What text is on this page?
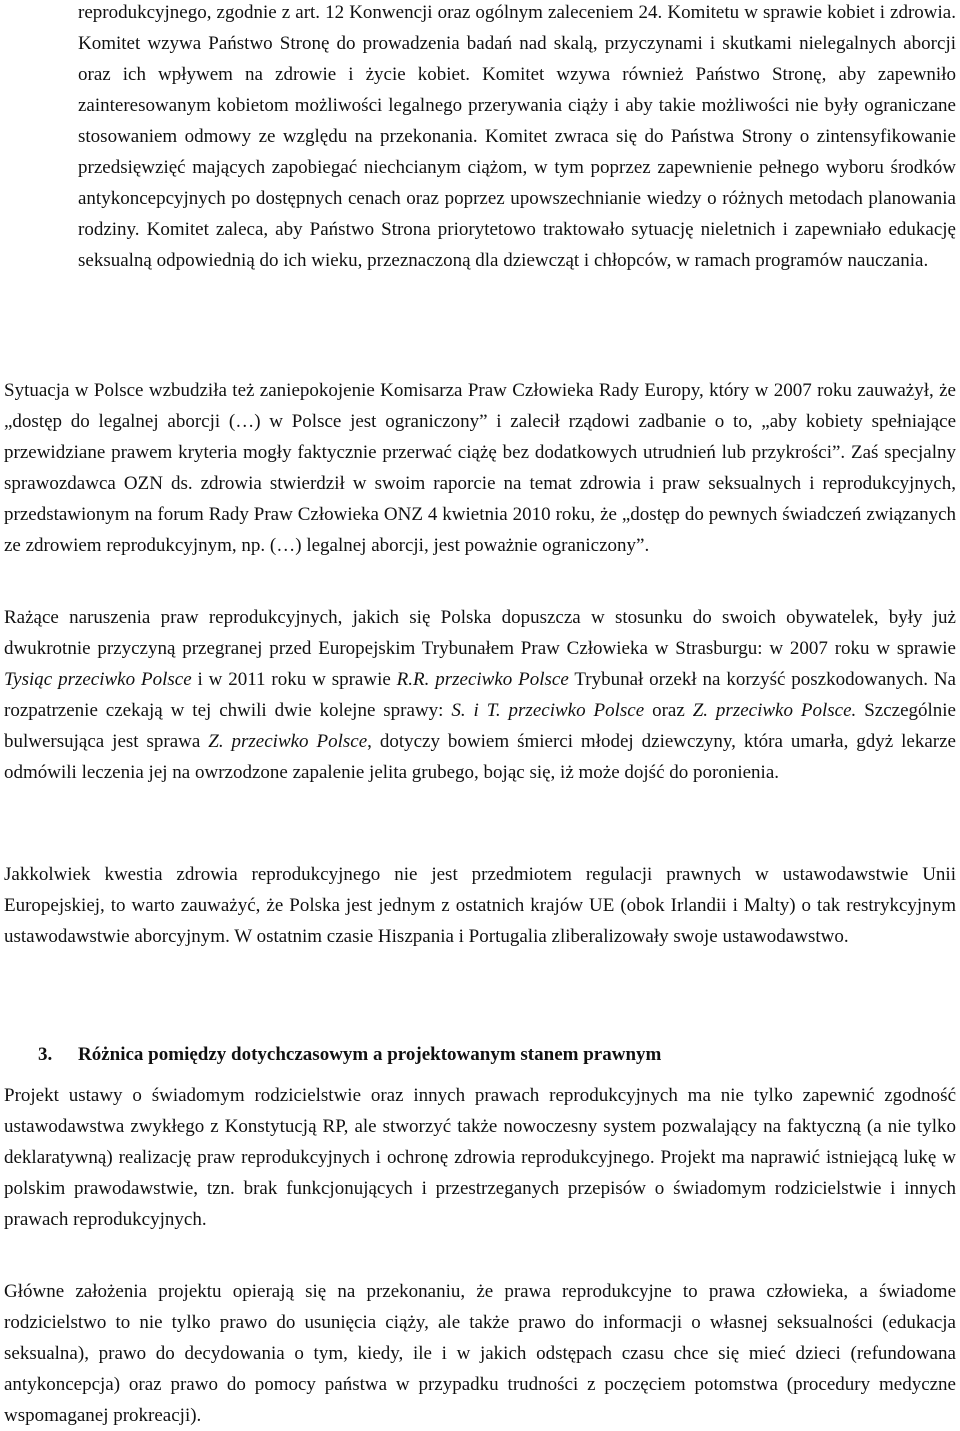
reprodukcyjnego, zgodnie z art. 12 Konwencji oraz ogólnym zaleceniem 24. Komitetu w sprawie kobiet i zdrowia. Komitet wzywa Państwo Stronę do prowadzenia badań nad skalą, przyczynami i skutkami nielegalnych aborcji oraz ich wpływem na zdrowie i życie kobiet. Komitet wzywa również Państwo Stronę, aby zapewniło zainteresowanym kobietom możliwości legalnego przerywania ciąży i aby takie możliwości nie były ograniczane stosowaniem odmowy ze względu na przekonania. Komitet zwraca się do Państwa Strony o zintensyfikowanie przedsięwzięć mających zapobiegać niechcianym ciążom, w tym poprzez zapewnienie pełnego wyboru środków antykoncepcyjnych po dostępnych cenach oraz poprzez upowszechnianie wiedzy o różnych metodach planowania rodziny. Komitet zaleca, aby Państwo Strona priorytetowo traktowało sytuację nieletnich i zapewniało edukację seksualną odpowiednią do ich wieku, przeznaczoną dla dziewcząt i chłopców, w ramach programów nauczania.

Sytuacja w Polsce wzbudziła też zaniepokojenie Komisarza Praw Człowieka Rady Europy, który w 2007 roku zauważył, że „dostęp do legalnej aborcji (…) w Polsce jest ograniczony” i zalecił rządowi zadbanie o to, „aby kobiety spełniające przewidziane prawem kryteria mogły faktycznie przerwać ciążę bez dodatkowych utrudnień lub przykrości”. Zaś specjalny sprawozdawca OZN ds. zdrowia stwierdził w swoim raporcie na temat zdrowia i praw seksualnych i reprodukcyjnych, przedstawionym na forum Rady Praw Człowieka ONZ 4 kwietnia 2010 roku, że „dostęp do pewnych świadczeń związanych ze zdrowiem reprodukcyjnym, np. (…) legalnej aborcji, jest poważnie ograniczony”.

Rażące naruszenia praw reprodukcyjnych, jakich się Polska dopuszcza w stosunku do swoich obywatelek, były już dwukrotnie przyczyną przegranej przed Europejskim Trybunałem Praw Człowieka w Strasburgu: w 2007 roku w sprawie Tysiąc przeciwko Polsce i w 2011 roku w sprawie R.R. przeciwko Polsce Trybunał orzekł na korzyść poszkodowanych. Na rozpatrzenie czekają w tej chwili dwie kolejne sprawy: S. i T. przeciwko Polsce oraz Z. przeciwko Polsce. Szczególnie bulwersująca jest sprawa Z. przeciwko Polsce, dotyczy bowiem śmierci młodej dziewczyny, która umarła, gdyż lekarze odmówili leczenia jej na owrzodzone zapalenie jelita grubego, bojąc się, iż może dojść do poronienia.

Jakkolwiek kwestia zdrowia reprodukcyjnego nie jest przedmiotem regulacji prawnych w ustawodawstwie Unii Europejskiej, to warto zauważyć, że Polska jest jednym z ostatnich krajów UE (obok Irlandii i Malty) o tak restrykcyjnym ustawodawstwie aborcyjnym. W ostatnim czasie Hiszpania i Portugalia zliberalizowały swoje ustawodawstwo.

3. Różnica pomiędzy dotychczasowym a projektowanym stanem prawnym

Projekt ustawy o świadomym rodzicielstwie oraz innych prawach reprodukcyjnych ma nie tylko zapewnić zgodność ustawodawstwa zwykłego z Konstytucją RP, ale stworzyć także nowoczesny system pozwalający na faktyczną (a nie tylko deklaratywną) realizację praw reprodukcyjnych i ochronę zdrowia reprodukcyjnego. Projekt ma naprawić istniejącą lukę w polskim prawodawstwie, tzn. brak funkcjonujących i przestrzeganych przepisów o świadomym rodzicielstwie i innych prawach reprodukcyjnych.

Główne założenia projektu opierają się na przekonaniu, że prawa reprodukcyjne to prawa człowieka, a świadome rodzicielstwo to nie tylko prawo do usunięcia ciąży, ale także prawo do informacji o własnej seksualności (edukacja seksualna), prawo do decydowania o tym, kiedy, ile i w jakich odstępach czasu chce się mieć dzieci (refundowana antykoncepcja) oraz prawo do pomocy państwa w przypadku trudności z poczęciem potomstwa (procedury medyczne wspomaganej prokreacji).
